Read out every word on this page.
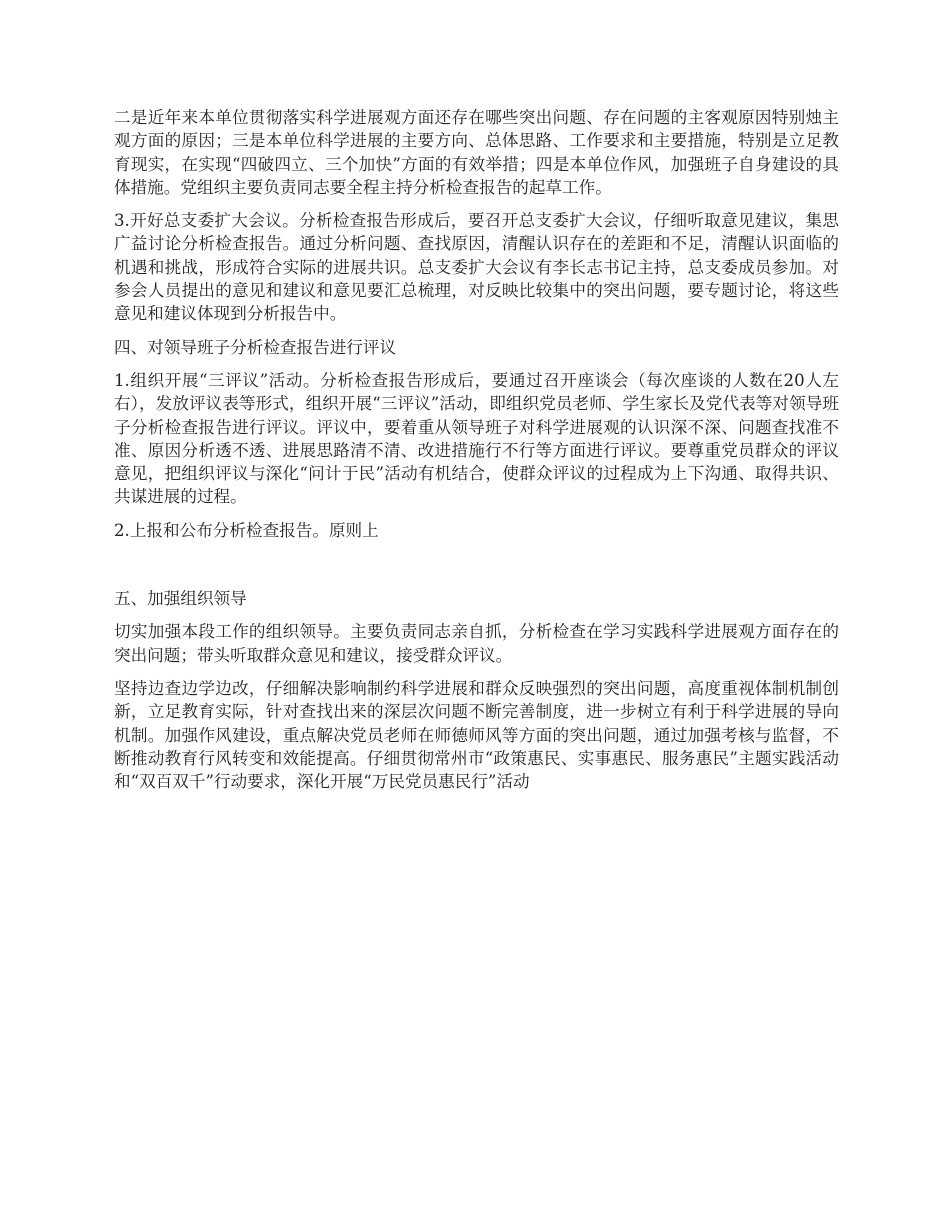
二是近年来本单位贯彻落实科学进展观方面还存在哪些突出问题、存在问题的主客观原因特别烛主观方面的原因；三是本单位科学进展的主要方向、总体思路、工作要求和主要措施，特别是立足教育现实，在实现“四破四立、三个加快”方面的有效举措；四是本单位作风，加强班子自身建设的具体措施。党组织主要负责同志要全程主持分析检查报告的起草工作。

3.开好总支委扩大会议。分析检查报告形成后，要召开总支委扩大会议，仔细听取意见建议，集思广益讨论分析检查报告。通过分析问题、查找原因，清醒认识存在的差距和不足，清醒认识面临的机遇和挑战，形成符合实际的进展共识。总支委扩大会议有李长志书记主持，总支委成员参加。对参会人员提出的意见和建议和意见要汇总梳理，对反映比较集中的突出问题，要专题讨论，将这些意见和建议体现到分析报告中。

四、对领导班子分析检查报告进行评议

1.组织开展“三评议”活动。分析检查报告形成后，要通过召开座谈会（每次座谈的人数在20人左右），发放评议表等形式，组织开展“三评议”活动，即组织党员老师、学生家长及党代表等对领导班子分析检查报告进行评议。评议中，要着重从领导班子对科学进展观的认识深不深、问题查找准不准、原因分析透不透、进展思路清不清、改进措施行不行等方面进行评议。要尊重党员群众的评议意见，把组织评议与深化“问计于民”活动有机结合，使群众评议的过程成为上下沟通、取得共识、共谋进展的过程。

2.上报和公布分析检查报告。原则上

五、加强组织领导

切实加强本段工作的组织领导。主要负责同志亲自抓，分析检查在学习实践科学进展观方面存在的突出问题；带头听取群众意见和建议，接受群众评议。

坚持边查边学边改，仔细解决影响制约科学进展和群众反映强烈的突出问题，高度重视体制机制创新，立足教育实际，针对查找出来的深层次问题不断完善制度，进一步树立有利于科学进展的导向机制。加强作风建设，重点解决党员老师在师德师风等方面的突出问题，通过加强考核与监督，不断推动教育行风转变和效能提高。仔细贯彻常州市“政策惠民、实事惠民、服务惠民”主题实践活动和“双百双千”行动要求，深化开展“万民党员惠民行”活动
